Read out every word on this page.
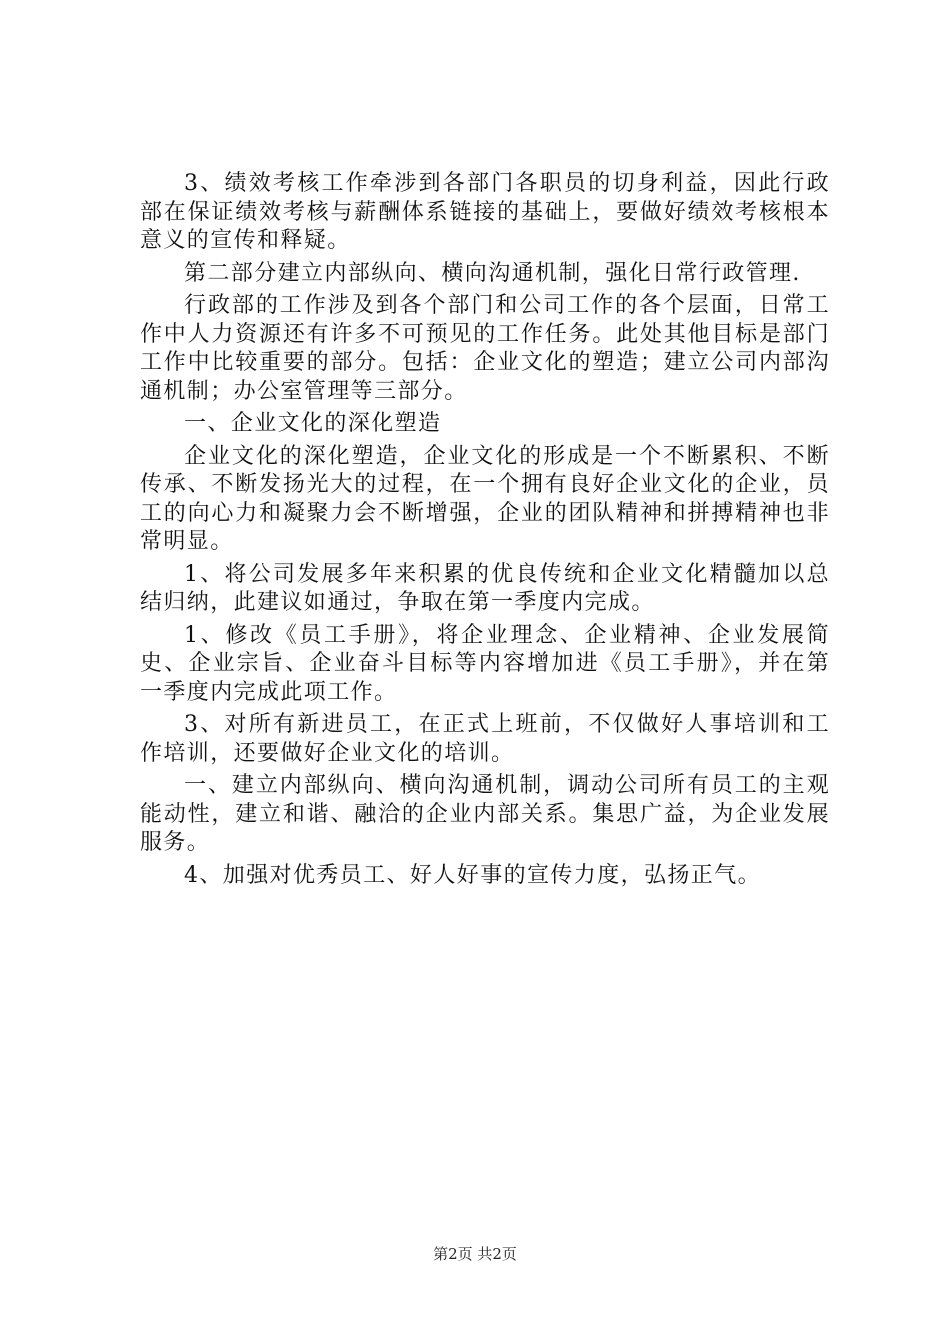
3、绩效考核工作牵涉到各部门各职员的切身利益，因此行政部在保证绩效考核与薪酬体系链接的基础上，要做好绩效考核根本意义的宣传和释疑。

第二部分建立内部纵向、横向沟通机制，强化日常行政管理.

行政部的工作涉及到各个部门和公司工作的各个层面，日常工作中人力资源还有许多不可预见的工作任务。此处其他目标是部门工作中比较重要的部分。包括：企业文化的塑造；建立公司内部沟通机制；办公室管理等三部分。

一、企业文化的深化塑造

企业文化的深化塑造，企业文化的形成是一个不断累积、不断传承、不断发扬光大的过程，在一个拥有良好企业文化的企业，员工的向心力和凝聚力会不断增强，企业的团队精神和拼搏精神也非常明显。

1、将公司发展多年来积累的优良传统和企业文化精髓加以总结归纳，此建议如通过，争取在第一季度内完成。

1、修改《员工手册》，将企业理念、企业精神、企业发展简史、企业宗旨、企业奋斗目标等内容增加进《员工手册》，并在第一季度内完成此项工作。

3、对所有新进员工，在正式上班前，不仅做好人事培训和工作培训，还要做好企业文化的培训。

一、建立内部纵向、横向沟通机制，调动公司所有员工的主观能动性，建立和谐、融洽的企业内部关系。集思广益，为企业发展服务。

4、加强对优秀员工、好人好事的宣传力度，弘扬正气。

第2页 共2页
